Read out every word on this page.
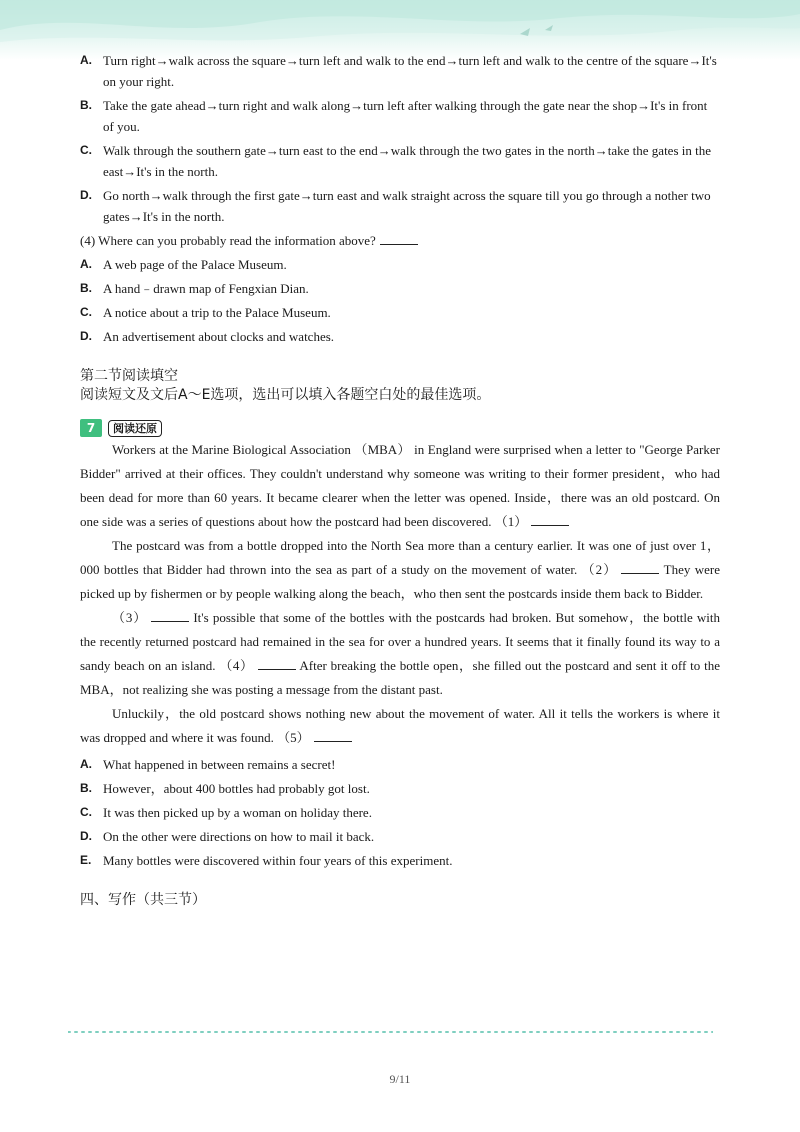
A. Turn right→walk across the square→turn left and walk to the end→turn left and walk to the centre of the square→It's on your right.
B. Take the gate ahead→turn right and walk along→turn left after walking through the gate near the shop→It's in front of you.
C. Walk through the southern gate→turn east to the end→walk through the two gates in the north→take the gates in the east→It's in the north.
D. Go north→walk through the first gate→turn east and walk straight across the square till you go through a nother two gates→It's in the north.
(4) Where can you probably read the information above?
A. A web page of the Palace Museum.
B. A hand﹣drawn map of Fengxian Dian.
C. A notice about a trip to the Palace Museum.
D. An advertisement about clocks and watches.
第二节阅读填空
阅读短文及文后A～E选项，选出可以填入各题空白处的最佳选项。
7	阅读还原

Workers at the Marine Biological Association （MBA） in England were surprised when a letter to "George Parker Bidder" arrived at their offices. They couldn't understand why someone was writing to their former president，who had been dead for more than 60 years. It became clearer when the letter was opened. Inside，there was an old postcard. On one side was a series of questions about how the postcard had been discovered. （1）

The postcard was from a bottle dropped into the North Sea more than a century earlier. It was one of just over 1，000 bottles that Bidder had thrown into the sea as part of a study on the movement of water. （2）	They were picked up by fishermen or by people walking along the beach，who then sent the postcards inside them back to Bidder.

（3）	It's possible that some of the bottles with the postcards had broken. But somehow，the bottle with the recently returned postcard had remained in the sea for over a hundred years. It seems that it finally found its way to a sandy beach on an island. （4）	After breaking the bottle open，she filled out the postcard and sent it off to the MBA，not realizing she was posting a message from the distant past.

Unluckily，the old postcard shows nothing new about the movement of water. All it tells the workers is where it was dropped and where it was found. （5）

A. What happened in between remains a secret!
B. However，about 400 bottles had probably got lost.
C. It was then picked up by a woman on holiday there.
D. On the other were directions on how to mail it back.
E. Many bottles were discovered within four years of this experiment.
四、写作（共三节）
9/11
